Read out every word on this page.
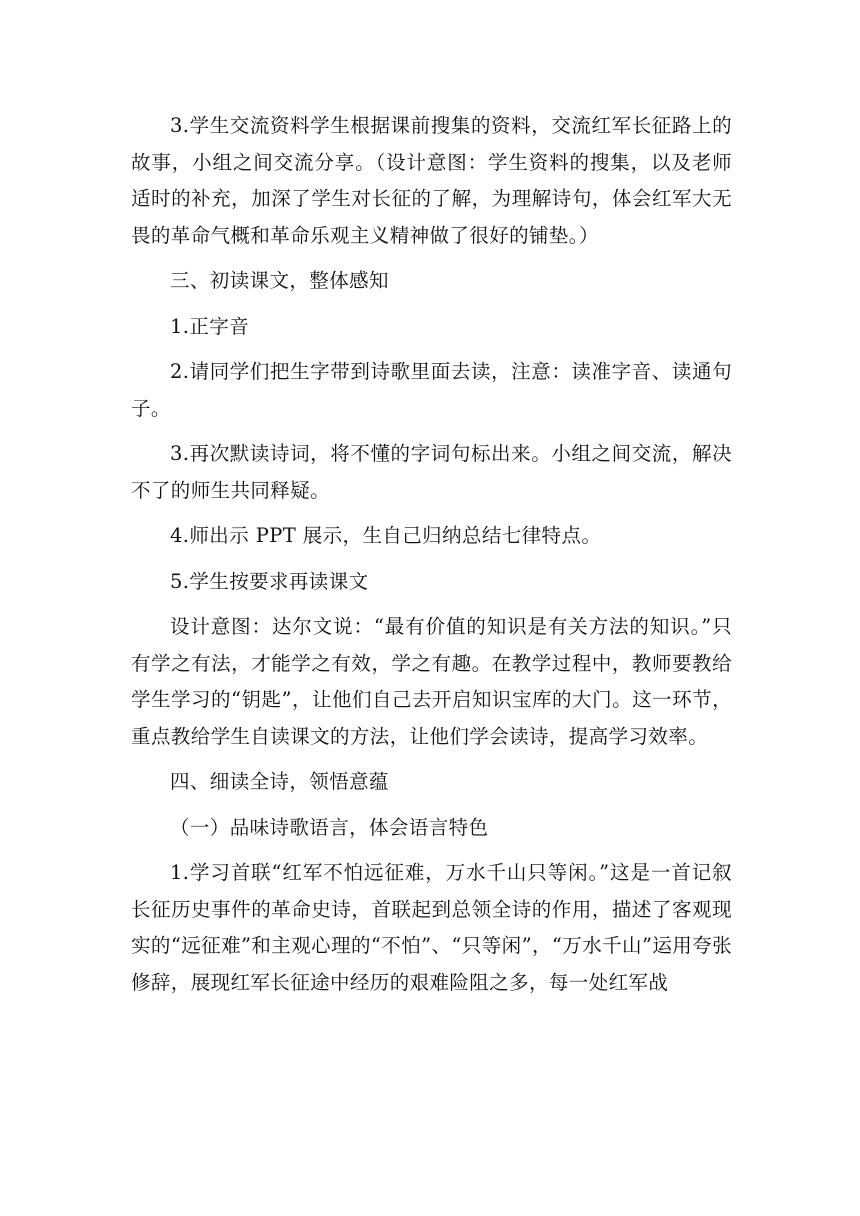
3.学生交流资料学生根据课前搜集的资料，交流红军长征路上的故事，小组之间交流分享。（设计意图：学生资料的搜集，以及老师适时的补充，加深了学生对长征的了解，为理解诗句，体会红军大无畏的革命气概和革命乐观主义精神做了很好的铺垫。）

三、初读课文，整体感知

1.正字音

2.请同学们把生字带到诗歌里面去读，注意：读准字音、读通句子。

3.再次默读诗词，将不懂的字词句标出来。小组之间交流，解决不了的师生共同释疑。

4.师出示 PPT 展示，生自己归纳总结七律特点。

5.学生按要求再读课文

设计意图：达尔文说：“最有价值的知识是有关方法的知识。”只有学之有法，才能学之有效，学之有趣。在教学过程中，教师要教给学生学习的“钥匙”，让他们自己去开启知识宝库的大门。这一环节，重点教给学生自读课文的方法，让他们学会读诗，提高学习效率。

四、细读全诗，领悟意蕴

（一）品味诗歌语言，体会语言特色

1.学习首联“红军不怕远征难，万水千山只等闲。”这是一首记叙长征历史事件的革命史诗，首联起到总领全诗的作用，描述了客观现实的“远征难”和主观心理的“不怕”、“只等闲”，“万水千山”运用夸张修辞，展现红军长征途中经历的艰难险阻之多，每一处红军战
